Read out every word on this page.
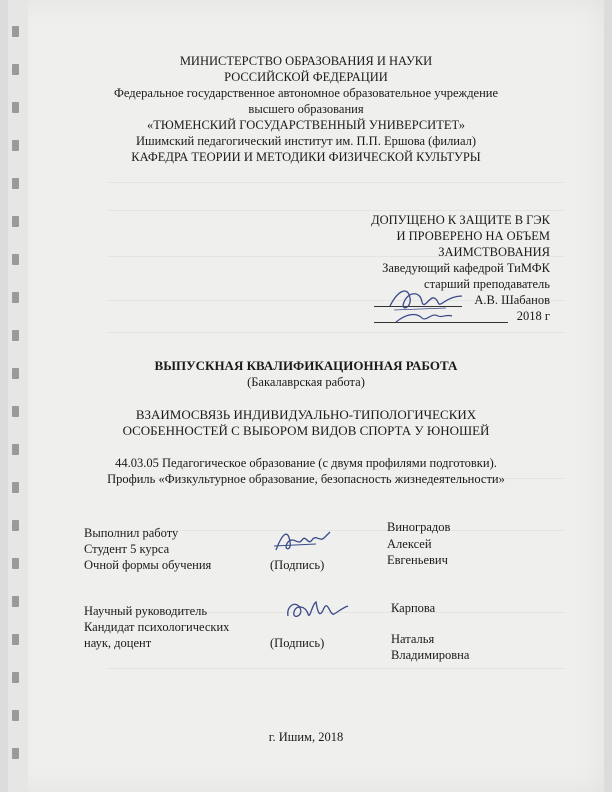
МИНИСТЕРСТВО ОБРАЗОВАНИЯ И НАУКИ
РОССИЙСКОЙ ФЕДЕРАЦИИ
Федеральное государственное автономное образовательное учреждение
высшего образования
«ТЮМЕНСКИЙ ГОСУДАРСТВЕННЫЙ УНИВЕРСИТЕТ»
Ишимский педагогический институт им. П.П. Ершова (филиал)
КАФЕДРА ТЕОРИИ И МЕТОДИКИ ФИЗИЧЕСКОЙ КУЛЬТУРЫ
ДОПУЩЕНО К ЗАЩИТЕ В ГЭК
И ПРОВЕРЕНО НА ОБЪЕМ
ЗАИМСТВОВАНИЯ
Заведующий кафедрой ТиМФК
старший преподаватель
А.В. Шабанов
2018 г
ВЫПУСКНАЯ КВАЛИФИКАЦИОННАЯ РАБОТА
(Бакалаврская работа)
ВЗАИМОСВЯЗЬ ИНДИВИДУАЛЬНО-ТИПОЛОГИЧЕСКИХ
ОСОБЕННОСТЕЙ С ВЫБОРОМ ВИДОВ СПОРТА У ЮНОШЕЙ
44.03.05 Педагогическое образование (с двумя профилями подготовки).
Профиль «Физкультурное образование, безопасность жизнедеятельности»
Выполнил работу
Студент 5 курса
Очной формы обучения	(Подпись)
Виноградов
Алексей
Евгеньевич
Научный руководитель
Кандидат психологических
наук, доцент	(Подпись)
Карпова
Наталья
Владимировна
г. Ишим, 2018
